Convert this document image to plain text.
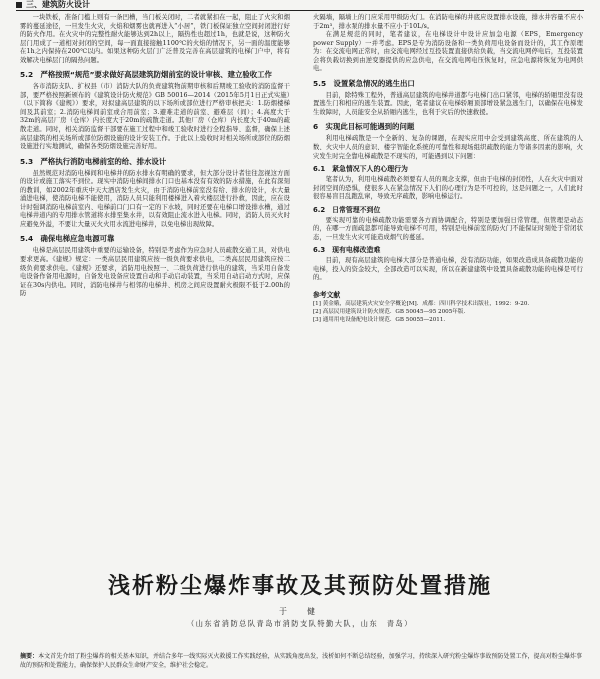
三、建筑防火设计

一块铁板，准备门槛上则有一条凹槽，当门板关闭时，二者就紧扣在一起，阻止了火灾和烟雾的蔓延途径，一旦发生火灾，火焰和烟雾也就再进入“小居”，铁门板保证独立空间封闭进行好的防火作用。在火灾中的完整性耐火能够达到2h以上，隔热性也超过1h，也就是说，这种防火层门用成了一道相对封闭的空间，每一面直接接触1100℃的火焰的情况下，另一面的温度能够在1h之内保持在200℃以内。如果这种防火层门广泛普及完善在高层建筑的电梯门户中，将有效解决电梯层门的隔热问题。

5.2　严格按照“规范”要求做好高层建筑防烟前室的设计审核、建立验收工作

各市消防支队、扩权县（市）消防大队的负责建筑物前期审核和后期竣工验收的消防监督干部，要严格按照新颁布的《建筑设计防火规范》GB 50016—2014（2015年5月1日正式实施）（以下简称《建规》）要求，对拟建高层建筑的以下场所或部位进行严格审核把关：1.防烟楼梯间及其前室；2.消防电梯间前室或合用前室；3.避难走道的前室、避难层（间）；4.高度大于32m的高层厂房（仓库）内长度大于20m的疏散走道。其他厂房（仓库）内长度大于40m的疏散走道。同时，相关消防监督干部要在施工过程中和竣工验收时进行全程指导、监督，确保上述高层建筑的相关场所或部位防烟设施的设计安装工作。于此以上验收时对相关场所或部位的防烟设施进行实地测试，确保各类防烟设施完善好用。

5.3　严格执行消防电梯前室的给、排水设计

虽然规范对消防电梯间和电梯井的防水排水有明确的要求，但大部分设计者往往忽视这方面的设计或施工落实不到位。现实中消防电梯间排水门口也基本没有有效的防水措施，在此有深刻的教训，如2002年重庆中天大酒店发生火灾，由于消防电梯前室没有给、排水的设计，水大量涌进电梯，使消防电梯不能使用，消防人员只能利用楼梯进入着火楼层进行扑救，因此，应在设计时强调消防电梯前室内、电梯前口门口有一定的下水坡，同时还要在电梯口增设排水槽，通过电梯井道内的专用排水管道将水排至集水井，以有效阻止流水进入电梯。同时，消防人员灭火时应避免外溢，不要让大量灭火火用水流进电梯井，以免电梯出现故障。

5.4　确保电梯应急电源可靠

电梯是高层民用建筑中重要的运输设备，特别是考虑作为应急时人员疏散交通工具，对供电要求更高。《建规》规定：一类高层民用建筑应按一级负荷要求供电，二类高层民用建筑应按二级负荷要求供电。《建规》还要求，消防用电按照一、二级负荷进行供电的建筑，当采用自备发电设备作备用电源时，自备发电设备应设置自动和手动启动装置，当采用自动启动方式时，应保证在30s内供电。同时，消防电梯井与相邻的电梯井、机房之间应设置耐火极限不低于2.00h的防

火隔墙，隔墙上的门应采用甲级防火门。在消防电梯的井底应设置排水设施，排水井容量不应小于2m³，排水泵的排水量不应小于10L/s。

在满足规范的同时，笔者建议，在电梯设计中设计应加急电源（EPS，Emergency power Supply）一并考虑。EPS是专为消防设备和一类负荷用电设备而设计的，其工作原理为：在交流电网正常时，由交流电网经过互投装置直接供给负载，当交流电网停电后，互投装置会将负载切换到由逆变器提供的应急供电，在交流电网电压恢复时，应急电源将恢复为电网供电。

5.5　设置紧急情况的逃生出口

目前，除特殊工程外，普通高层建筑的电梯井道都与电梯门出口紧邻，电梯的轿厢里没有设置逃生门和相应的逃生装置。因此，笔者建议在电梯轿厢顶部增设紧急逃生门，以确保在电梯发生故障时，人员能安全从轿厢内逃生，也利于灾后的快速救援。

6　实现此目标可能遇到的问题

利用电梯疏散是一个全新的、复杂的课题，在现实应用中会受到建筑高度、所在建筑的人数、火灾中人员的意识、楼宇智能化系统的可靠性和现场组织疏散的能力等诸多因素的影响，火灾发生时完全靠电梯疏散是不现实的，可能遇到以下问题：

6.1　紧急情况下人的心理行为

笔者认为，利用电梯疏散必须要有人员的观念支撑，但由于电梯的封闭性，人在火灾中面对封闭空间的恐惧，使很多人在紧急情况下人们的心理行为是不可控的，这是问题之一，人们此时很容易盲目乱跑乱窜，导致无序疏散，影响电梯运行。

6.2　日常管理不到位

要实现可靠的电梯疏散功能需要各方面协调配合，特别是要加强日常管理，但管理是动态的，在哪一方面疏忽都可能导致电梯不可用，特别是电梯前室的防火门不能保证时刻处于常闭状态，一旦发生火灾可能造成烟气的蔓延。

6.3　现有电梯改造难

目前，现有高层建筑的电梯大部分是普通电梯，没有消防功能，如果改造成具备疏散功能的电梯，投入的资金较大，全部改造可以实现，所以在新建建筑中设置具备疏散功能的电梯是可行的。

参考文献

[1] 黄金娥，高层建筑火灾安全学概论[M]．成都：四川科学技术出版社，1992：9-20.

[2] 高层民用建筑设计防火规范．GB 50045—95 2005年版.

[3] 通用用电设备配电设计规范．GB 50055—2011.

浅析粉尘爆炸事故及其预防处置措施
于　健
（山东省消防总队青岛市消防支队特勤大队，山东　青岛）
摘要：本文首先介绍了粉尘爆炸的相关基本知识，并结合多年一线实际灭火救援工作实践经验，从实践角度出发，浅析如何不断总结经验，加强学习，持续深入研究粉尘爆炸事故预防处置工作，提高对粉尘爆炸事故的预防和处置能力，确保保护人民群众生命财产安全，维护社会稳定。
